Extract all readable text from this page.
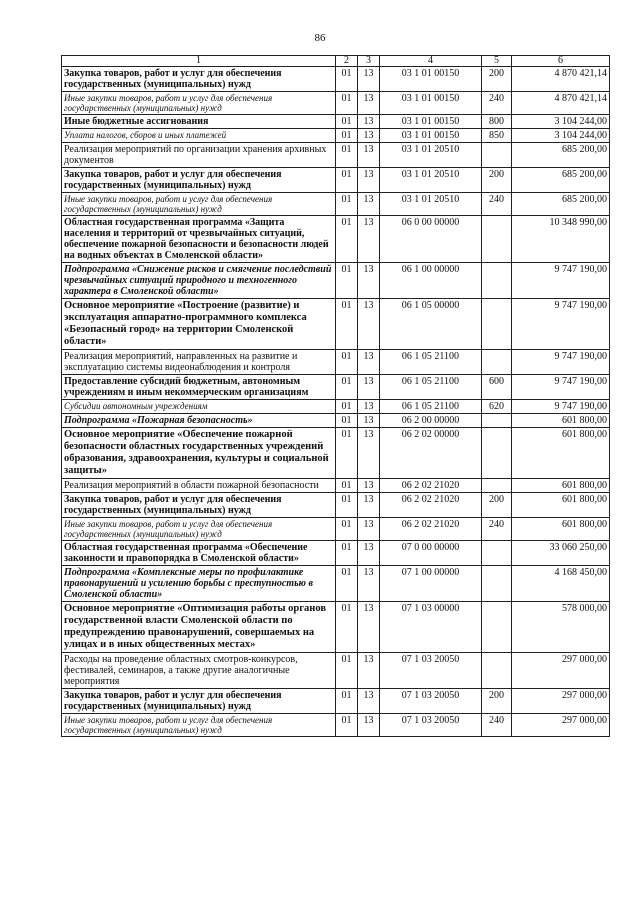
86
1	2	3	4	5	6
Закупка товаров, работ и услуг для обеспечения государственных (муниципальных) нужд	01	13	03 1 01 00150	200	4 870 421,14
Иные закупки товаров, работ и услуг для обеспечения государственных (муниципальных) нужд	01	13	03 1 01 00150	240	4 870 421,14
Иные бюджетные ассигнования	01	13	03 1 01 00150	800	3 104 244,00
Уплата налогов, сборов и иных платежей	01	13	03 1 01 00150	850	3 104 244,00
Реализация мероприятий по организации хранения архивных документов	01	13	03 1 01 20510		685 200,00
Закупка товаров, работ и услуг для обеспечения государственных (муниципальных) нужд	01	13	03 1 01 20510	200	685 200,00
Иные закупки товаров, работ и услуг для обеспечения государственных (муниципальных) нужд	01	13	03 1 01 20510	240	685 200,00
Областная государственная программа «Защита населения и территорий от чрезвычайных ситуаций, обеспечение пожарной безопасности и безопасности людей на водных объектах в Смоленской области»	01	13	06 0 00 00000		10 348 990,00
Подпрограмма «Снижение рисков и смягчение последствий чрезвычайных ситуаций природного и техногенного характера в Смоленской области»	01	13	06 1 00 00000		9 747 190,00
Основное мероприятие «Построение (развитие) и эксплуатация аппаратно-программного комплекса «Безопасный город» на территории Смоленской области»	01	13	06 1 05 00000		9 747 190,00
Реализация мероприятий, направленных на развитие и эксплуатацию системы видеонаблюдения и контроля	01	13	06 1 05 21100		9 747 190,00
Предоставление субсидий бюджетным, автономным учреждениям и иным некоммерческим организациям	01	13	06 1 05 21100	600	9 747 190,00
Субсидии автономным учреждениям	01	13	06 1 05 21100	620	9 747 190,00
Подпрограмма «Пожарная безопасность»	01	13	06 2 00 00000		601 800,00
Основное мероприятие «Обеспечение пожарной безопасности областных государственных учреждений образования, здравоохранения, культуры и социальной защиты»	01	13	06 2 02 00000		601 800,00
Реализация мероприятий в области пожарной безопасности	01	13	06 2 02 21020		601 800,00
Закупка товаров, работ и услуг для обеспечения государственных (муниципальных) нужд	01	13	06 2 02 21020	200	601 800,00
Иные закупки товаров, работ и услуг для обеспечения государственных (муниципальных) нужд	01	13	06 2 02 21020	240	601 800,00
Областная государственная программа «Обеспечение законности и правопорядка в Смоленской области»	01	13	07 0 00 00000		33 060 250,00
Подпрограмма «Комплексные меры по профилактике правонарушений и усилению борьбы с преступностью в Смоленской области»	01	13	07 1 00 00000		4 168 450,00
Основное мероприятие «Оптимизация работы органов государственной власти Смоленской области по предупреждению правонарушений, совершаемых на улицах и в иных общественных местах»	01	13	07 1 03 00000		578 000,00
Расходы на проведение областных смотров-конкурсов, фестивалей, семинаров, а также другие аналогичные мероприятия	01	13	07 1 03 20050		297 000,00
Закупка товаров, работ и услуг для обеспечения государственных (муниципальных) нужд	01	13	07 1 03 20050	200	297 000,00
Иные закупки товаров, работ и услуг для обеспечения государственных (муниципальных) нужд	01	13	07 1 03 20050	240	297 000,00
